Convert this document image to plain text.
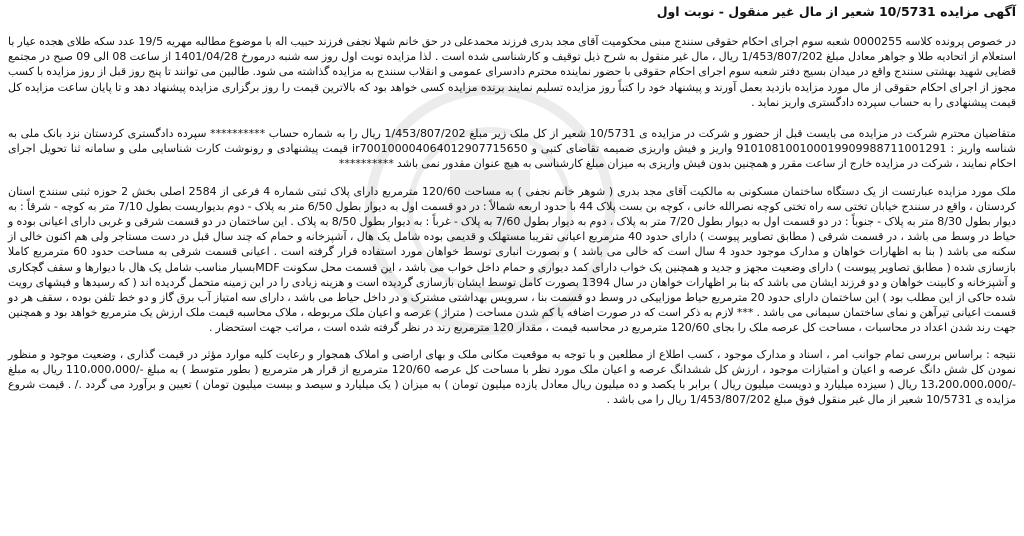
آگهی مزایده 10/5731 شعیر از مال غیر منقول - نوبت اول

در خصوص پرونده کلاسه 0000255 شعبه سوم اجرای احکام حقوقی سنندج مبنی محکومیت آقای مجد بدری فرزند محمدعلی در حق خانم شهلا نجفی فرزند حبیب اله با موضوع مطالبه مهریه 19/5 عدد سکه طلای هجده عیار با استعلام از اتحادیه طلا و جواهر معادل مبلغ 1/453/807/202 ریال ، مال غیر منقول به شرح ذیل توقیف و کارشناسی شده است . لذا مزایده نوبت اول روز سه شنبه درمورخ 1401/04/28 از ساعت 08 الی 09 صبح در مجتمع قضایی شهید بهشتی سنندج واقع در میدان بسیج دفتر شعبه سوم اجرای احکام حقوقی با حضور نماینده محترم دادسرای عمومی و انقلاب سنندج به مزایده گذاشته می شود. طالبین می توانند تا پنج روز قبل از روز مزایده با کسب مجوز از اجرای احکام حقوقی از مال مورد مزایده بازدید بعمل آورند و پیشنهاد خود را کتباً روز مزایده تسلیم نمایند برنده مزایده کسی خواهد بود که بالاترین قیمت را روز برگزاری مزایده پیشنهاد دهد و تا پایان ساعت مزایده کل قیمت پیشنهادی را به حساب سپرده دادگستری واریز نماید .

متقاضیان محترم شرکت در مزایده می بایست قبل از حضور و شرکت در مزایده ی 10/5731 شعیر از کل ملک زیر مبلغ 1/453/807/202 ریال را به شماره حساب ********** سپرده دادگستری کردستان نزد بانک ملی به شناسه واریز : 910108100100019909988711001291 واریز و فیش واریزی ضمیمه تقاضای کتبی و ir700100004064012907715650 قیمت پیشنهادی و رونوشت کارت شناسایی ملی و سامانه ثنا تحویل اجرای احکام نمایند ، شرکت در مزایده خارج از ساعت مقرر و همچنین بدون فیش واریزی به میزان مبلغ کارشناسی به هیچ عنوان مقدور نمی باشد **********

ملک مورد مزایده عبارتست از یک دستگاه ساختمان مسکونی به مالکیت آقای مجد بدری ( شوهر خانم نجفی ) به مساحت 120/60 مترمربع دارای پلاک ثبتی شماره 4 فرعی از 2584 اصلی بخش 2 حوزه ثبتی سنندج استان کردستان ، واقع در سنندج خیابان تختی سه راه تختی کوچه نصرالله خانی ، کوچه بن بست پلاک 44 با حدود اربعه شمالاً : در دو قسمت اول به دیوار بطول 6/50 متر به پلاک - دوم بدیواریست بطول 7/10 متر به کوچه - شرقاً : به دیوار بطول 8/30 متر به پلاک - جنوباً : در دو قسمت اول به دیوار بطول 7/20 متر به پلاک ، دوم به دیوار بطول 7/60 به پلاک - غرباً : به دیوار بطول 8/50 به پلاک . این ساختمان در دو قسمت شرقی و غربی دارای اعیانی بوده و حیاط در وسط می باشد ، در قسمت شرقی ( مطابق تصاویر پیوست ) دارای حدود 40 مترمربع اعیانی تقریبا مستهلک و قدیمی بوده شامل یک هال ، آشپزخانه و حمام که چند سال قبل در دست مستاجر ولی هم اکنون خالی از سکنه می باشد ( بنا به اظهارات خواهان و مدارک موجود حدود 4 سال است که خالی می باشد ) و بصورت انباری توسط خواهان مورد استفاده قرار گرفته است . اعیانی قسمت شرقی به مساحت حدود 60 مترمربع کاملا بازسازی شده ( مطابق تصاویر پیوست ) دارای وضعیت مجهز و جدید و همچنین یک خواب دارای کمد دیواری و حمام داخل خواب می باشد ، این قسمت محل سکونت MDFبسیار مناسب شامل یک هال با دیوارها و سقف گچکاری و آشپزخانه و کابینت خواهان و دو فرزند ایشان می باشد که بنا بر اظهارات خواهان در سال 1394 بصورت کامل توسط ایشان بازسازی گردیده است و هزینه زیادی را در این زمینه متحمل گردیده اند ( که رسیدها و فیشهای رویت شده حاکی از این مطلب بود ) این ساختمان دارای حدود 20 مترمربع حیاط موزاییکی در وسط دو قسمت بنا ، سرویس بهداشتی مشترک و در داخل حیاط می باشد ، دارای سه امتیاز آب برق گاز و دو خط تلفن بوده ، سقف هر دو قسمت اعیانی تیرآهن و نمای ساختمان سیمانی می باشد . *** لازم به ذکر است که در صورت اضافه یا کم شدن مساحت ( متراژ ) عرصه و اعیان ملک مربوطه ، ملاک محاسبه قیمت ملک ارزش یک مترمربع خواهد بود و همچنین جهت رند شدن اعداد در محاسبات ، مساحت کل عرصه ملک را بجای 120/60 مترمربع در محاسبه قیمت ، مقدار 120 مترمربع رند در نظر گرفته شده است ، مراتب جهت استحضار .

نتیجه : براساس بررسی تمام جوانب امر ، اسناد و مدارک موجود ، کسب اطلاع از مطلعین و با توجه به موقعیت مکانی ملک و بهای اراضی و املاک همجوار و رعایت کلیه موارد مؤثر در قیمت گذاری ، وضعیت موجود و منظور نمودن کل شش دانگ عرصه و اعیان و امتیازات موجود ، ارزش کل ششدانگ عرصه و اعیان ملک مورد نظر با مساحت کل عرصه 120/60 مترمربع از قرار هر مترمربع ( بطور متوسط ) به مبلغ -/110،000،000 ریال به مبلغ -/13،200،000،000 ریال ( سیزده میلیارد و دویست میلیون ریال ) برابر با یکصد و ده میلیون ریال معادل یازده میلیون تومان ) به میزان ( یک میلیارد و سیصد و بیست میلیون تومان ) تعیین و برآورد می گردد ./ . قیمت شروع مزایده ی 10/5731 شعیر از مال غیر منقول فوق مبلغ 1/453/807/202 ریال را می باشد .
